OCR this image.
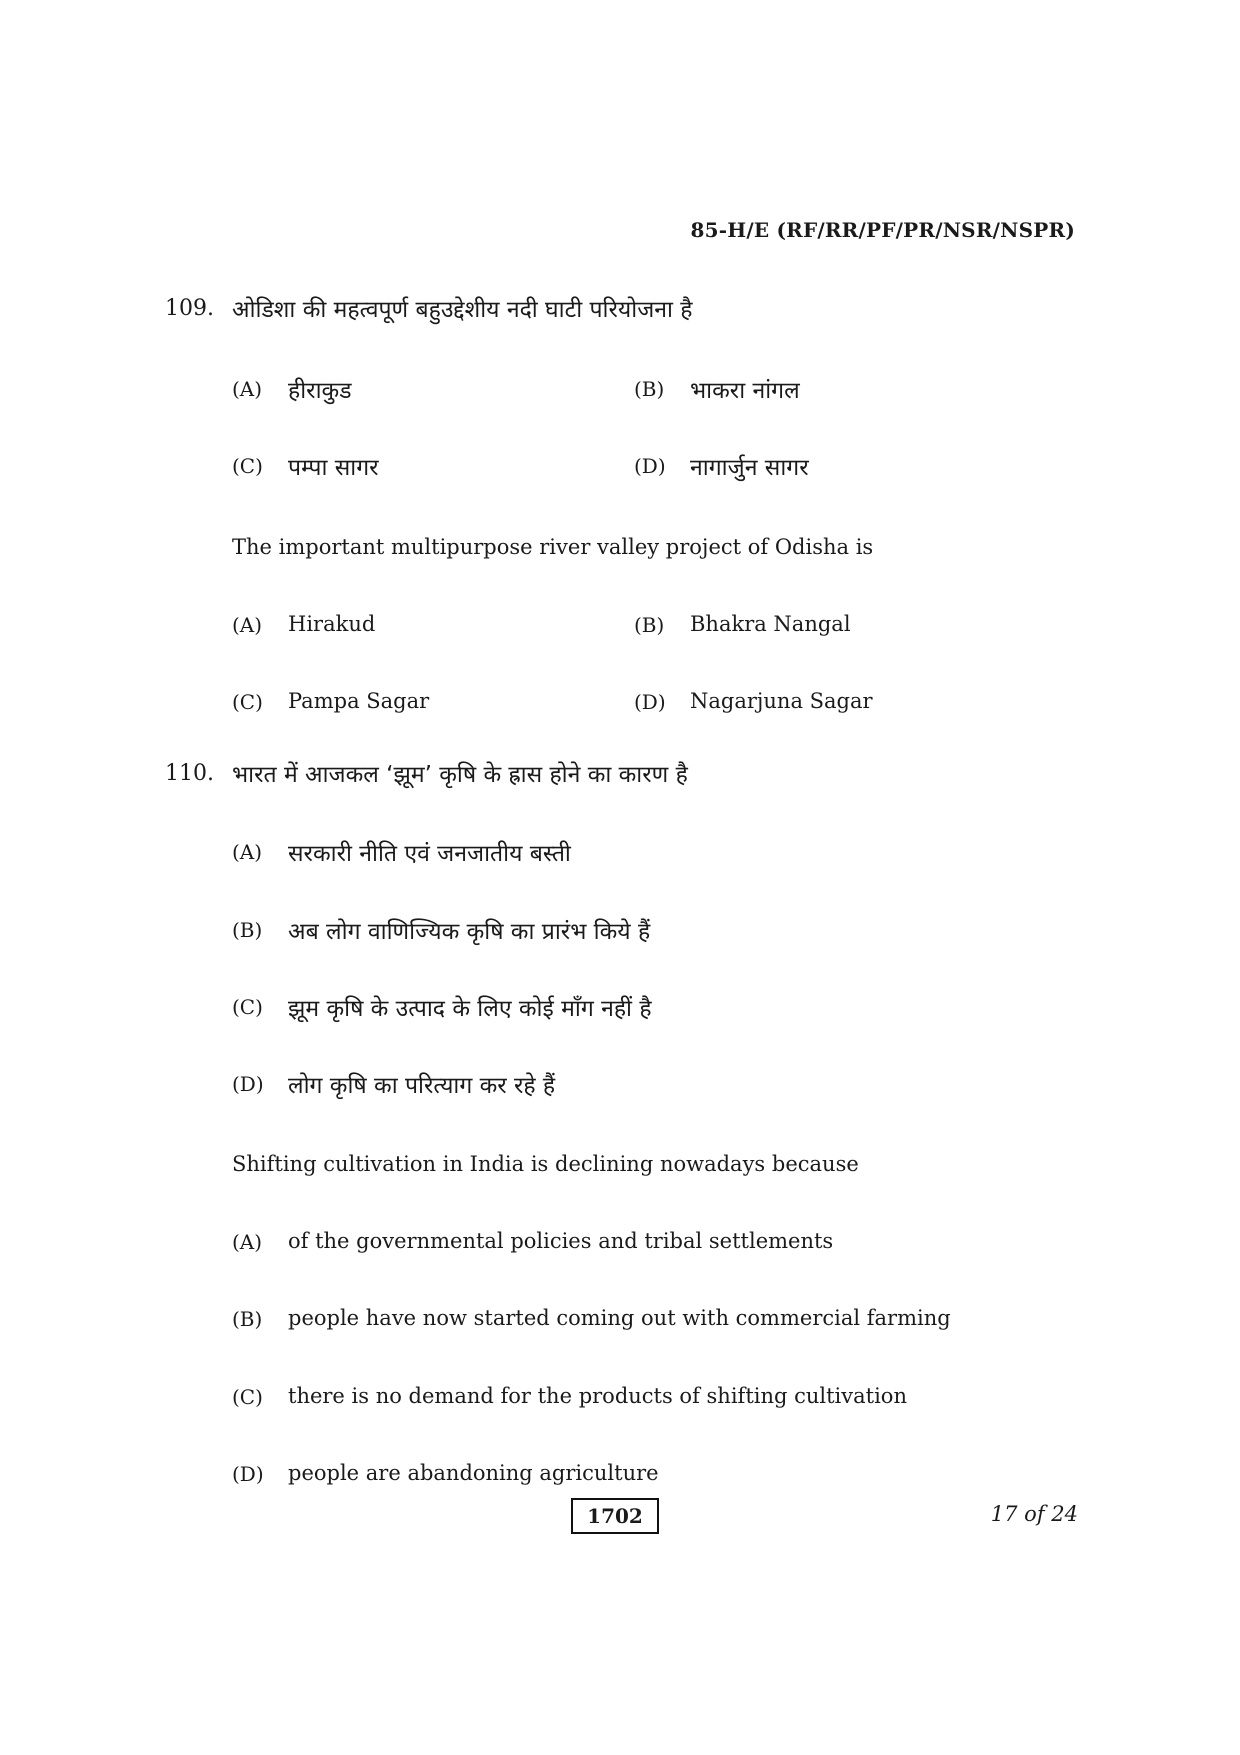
85-H/E (RF/RR/PF/PR/NSR/NSPR)
109. ओडिशा की महत्वपूर्ण बहुउद्देशीय नदी घाटी परियोजना है
(A) हीराकुड	(B) भाकरा नांगल
(C) पम्पा सागर	(D) नागार्जुन सागर
The important multipurpose river valley project of Odisha is
(A) Hirakud	(B) Bhakra Nangal
(C) Pampa Sagar	(D) Nagarjuna Sagar
110. भारत में आजकल ‘झूम’ कृषि के ह्रास होने का कारण है
(A) सरकारी नीति एवं जनजातीय बस्ती
(B) अब लोग वाणिज्यिक कृषि का प्रारंभ किये हैं
(C) झूम कृषि के उत्पाद के लिए कोई माँग नहीं है
(D) लोग कृषि का परित्याग कर रहे हैं
Shifting cultivation in India is declining nowadays because
(A) of the governmental policies and tribal settlements
(B) people have now started coming out with commercial farming
(C) there is no demand for the products of shifting cultivation
(D) people are abandoning agriculture
1702	17 of 24
